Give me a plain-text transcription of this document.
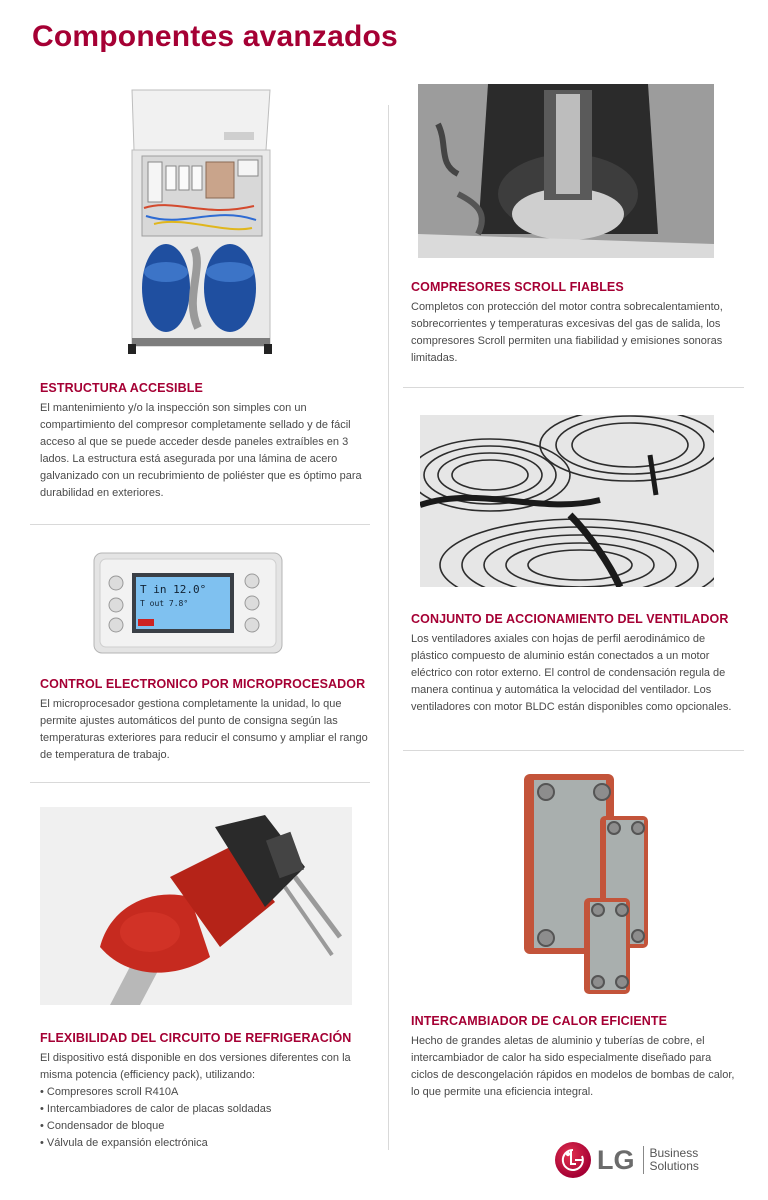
Componentes avanzados
ESTRUCTURA ACCESIBLE
El mantenimiento y/o la inspección son simples con un compartimiento del compresor completamente sellado y de fácil acceso al que se puede acceder desde paneles extraíbles en 3 lados. La estructura está asegurada por una lámina de acero galvanizado con un recubrimiento de poliéster que es óptimo para durabilidad en exteriores.
T in 12.0°
T out 7.8°
CONTROL ELECTRONICO POR MICROPROCESADOR
El microprocesador gestiona completamente la unidad, lo que permite ajustes automáticos del punto de consigna según las temperaturas exteriores para reducir el consumo y ampliar el rango de temperatura de trabajo.
FLEXIBILIDAD DEL CIRCUITO DE REFRIGERACIÓN
El dispositivo está disponible en dos versiones diferentes con la misma potencia (efficiency pack), utilizando:
• Compresores scroll R410A
• Intercambiadores de calor de placas soldadas
• Condensador de bloque
• Válvula de expansión electrónica
COMPRESORES SCROLL FIABLES
Completos con protección del motor contra sobrecalentamiento, sobrecorrientes y temperaturas excesivas del gas de salida, los compresores Scroll permiten una fiabilidad y emisiones sonoras limitadas.
CONJUNTO DE ACCIONAMIENTO DEL VENTILADOR
Los ventiladores axiales con hojas de perfil aerodinámico de plástico compuesto de aluminio están conectados a un motor eléctrico con rotor externo. El control de condensación regula de manera continua y automática la velocidad del ventilador. Los ventiladores con motor BLDC están disponibles como opcionales.
INTERCAMBIADOR DE CALOR EFICIENTE
Hecho de grandes aletas de aluminio y tuberías de cobre, el intercambiador de calor ha sido especialmente diseñado para ciclos de descongelación rápidos en modelos de bombas de calor, lo que permite una eficiencia integral.
LG Business
Solutions
